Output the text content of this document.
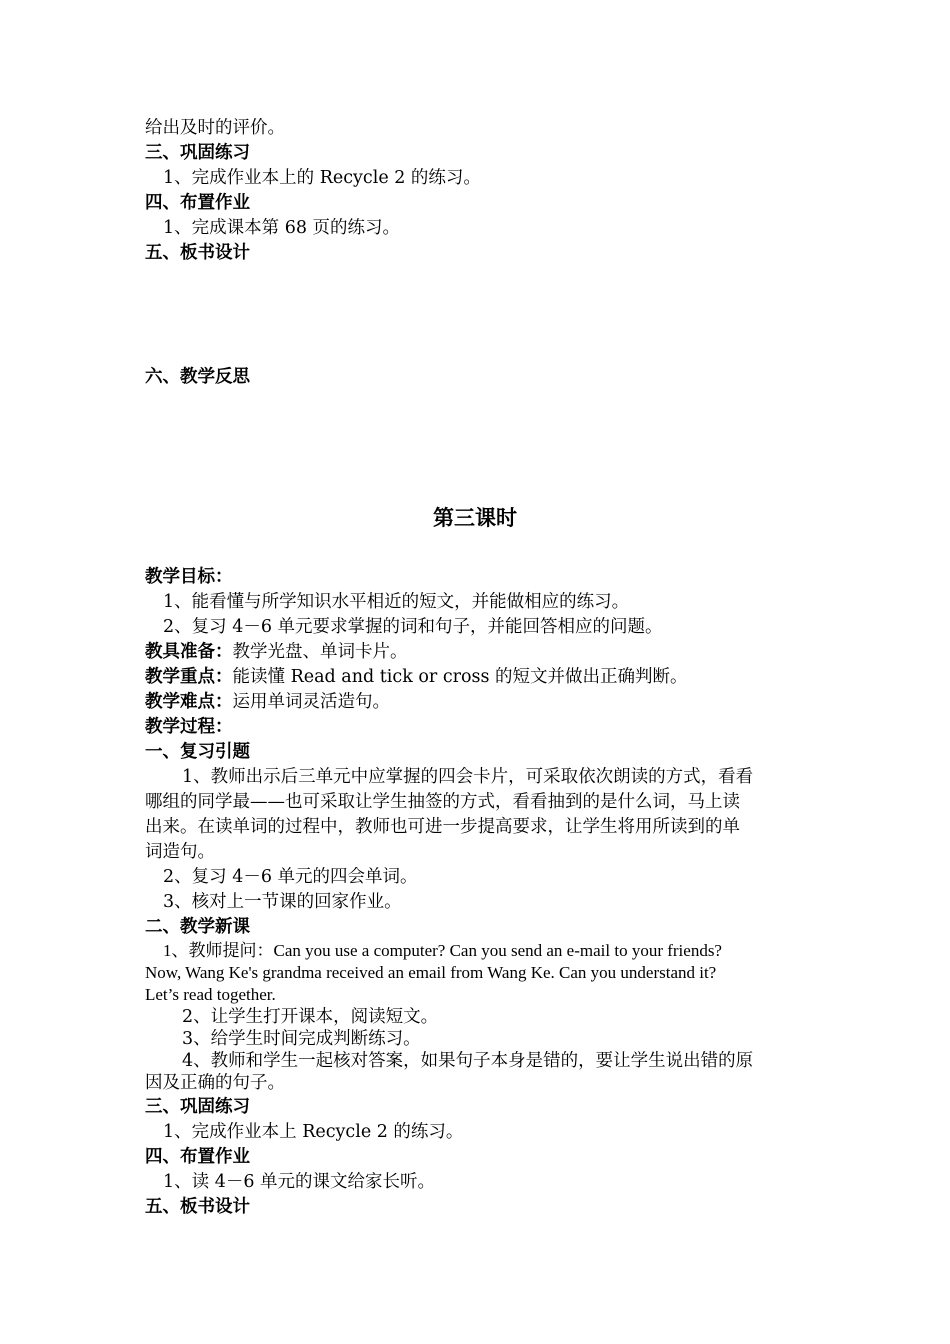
给出及时的评价。
三、巩固练习
1、完成作业本上的 Recycle 2 的练习。
四、布置作业
1、完成课本第 68 页的练习。
五、板书设计
六、教学反思
第三课时
教学目标：
1、能看懂与所学知识水平相近的短文，并能做相应的练习。
2、复习 4－6 单元要求掌握的词和句子，并能回答相应的问题。
教具准备：教学光盘、单词卡片。
教学重点：能读懂 Read and tick or cross 的短文并做出正确判断。
教学难点：运用单词灵活造句。
教学过程：
一、复习引题
1、教师出示后三单元中应掌握的四会卡片，可采取依次朗读的方式，看看
哪组的同学最——也可采取让学生抽签的方式，看看抽到的是什么词，马上读
出来。在读单词的过程中，教师也可进一步提高要求，让学生将用所读到的单
词造句。
2、复习 4－6 单元的四会单词。
3、核对上一节课的回家作业。
二、教学新课
1、教师提问：Can you use a computer? Can you send an e-mail to your friends?
Now, Wang Ke's grandma received an email from Wang Ke. Can you understand it?
Let’s read together.
2、让学生打开课本，阅读短文。
3、给学生时间完成判断练习。
4、教师和学生一起核对答案，如果句子本身是错的，要让学生说出错的原
因及正确的句子。
三、巩固练习
1、完成作业本上 Recycle 2 的练习。
四、布置作业
1、读 4－6 单元的课文给家长听。
五、板书设计
